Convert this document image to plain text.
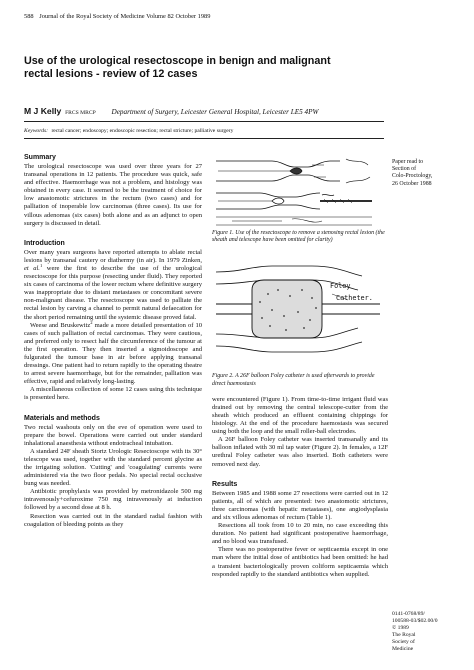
588 Journal of the Royal Society of Medicine Volume 82 October 1989
Use of the urological resectoscope in benign and malignant rectal lesions - review of 12 cases
M J Kelly FRCS MRCP Department of Surgery, Leicester General Hospital, Leicester LE5 4PW
Keywords: rectal cancer; endoscopy; endoscopic resection; rectal stricture; palliative surgery
Summary

The urological resectoscope was used over three years for 27 transanal operations in 12 patients. The procedure was quick, safe and effective. Haemorrhage was not a problem, and histology was obtained in every case. It seemed to be the treatment of choice for low anastomotic strictures in the rectum (two cases) and for palliation of inoperable low carcinomas (three cases). Its use for villous adenomas (six cases) both alone and as an adjunct to open surgery is discussed in detail.

Introduction

Over many years surgeons have reported attempts to ablate rectal lesions by transanal cautery or diathermy (in air). In 1979 Zinken, et al.$^1$ were the first to describe the use of the urological resectoscope for this purpose (resecting under fluid). They reported six cases of carcinoma of the lower rectum where definitive surgery was inappropriate due to distant metastases or concomitant severe non-malignant disease. The resectoscope was used to palliate the rectal lesion by carving a channel to permit natural defaecation for the short period remaining until the systemic disease proved fatal.

Weese and Bruskewitz$^2$ made a more detailed presentation of 10 cases of such palliation of rectal carcinomas. They were cautious, and preferred only to resect half the circumference of the tumour at the first operation. They then inserted a sigmoidoscope and fulgurated the tumour base in air before applying transanal dressings. One patient had to return rapidly to the operating theatre to arrest severe haemorrhage, but for the remainder, palliation was effective, rapid and relatively long-lasting.

A miscellaneous collection of some 12 cases using this technique is presented here.

Materials and methods

Two rectal washouts only on the eve of operation were used to prepare the bowel. Operations were carried out under standard inhalational anaesthesia without endotracheal intubation.

A standard 24F sheath Stortz Urologic Resectoscope with its 30° telescope was used, together with the standard percent glycine as the irrigating solution. 'Cutting' and 'coagulating' currents were administered via the two floor pedals. No special rectal occlusive bung was needed.

Antibiotic prophylaxis was provided by metronidazole 500 mg intravenously+cefuroxime 750 mg intravenously at induction followed by a second dose at 8 h.

Resection was carried out in the standard radial fashion with coagulation of bleeding points as they

Figure 1. Use of the resectoscope to remove a stenosing rectal lesion (the sheath and telescope have been omitted for clarity)

Foley
Catheter.

Figure 2. A 26F balloon Foley catheter is used afterwards to provide direct haemostasis

were encountered (Figure 1). From time-to-time irrigant fluid was drained out by removing the central telescope-cutter from the sheath which produced an effluent containing chippings for histology. At the end of the procedure haemostasis was secured using both the loop and the small roller-ball electrodes.

A 26F balloon Foley catheter was inserted transanally and its balloon inflated with 30 ml tap water (Figure 2). In females, a 12F urethral Foley catheter was also inserted. Both catheters were removed next day.

Results

Between 1985 and 1988 some 27 resections were carried out in 12 patients, all of which are presented: two anastomotic strictures, three carcinomas (with hepatic metastases), one angiodysplasia and six villous adenomas of rectum (Table 1).

Resections all took from 10 to 20 min, no case exceeding this duration. No patient had significant postoperative haemorrhage, and no blood was transfused.

There was no postoperative fever or septicaemia except in one man where the initial dose of antibiotics had been omitted: he had a transient bacteriologically proven coliform septicaemia which responded rapidly to the standard antibiotics when supplied.

Paper read to
Section of
Colo-Proctology,
26 October 1988
0141-0768/89/
100588-03/$02.00/0
© 1989
The Royal
Society of
Medicine
